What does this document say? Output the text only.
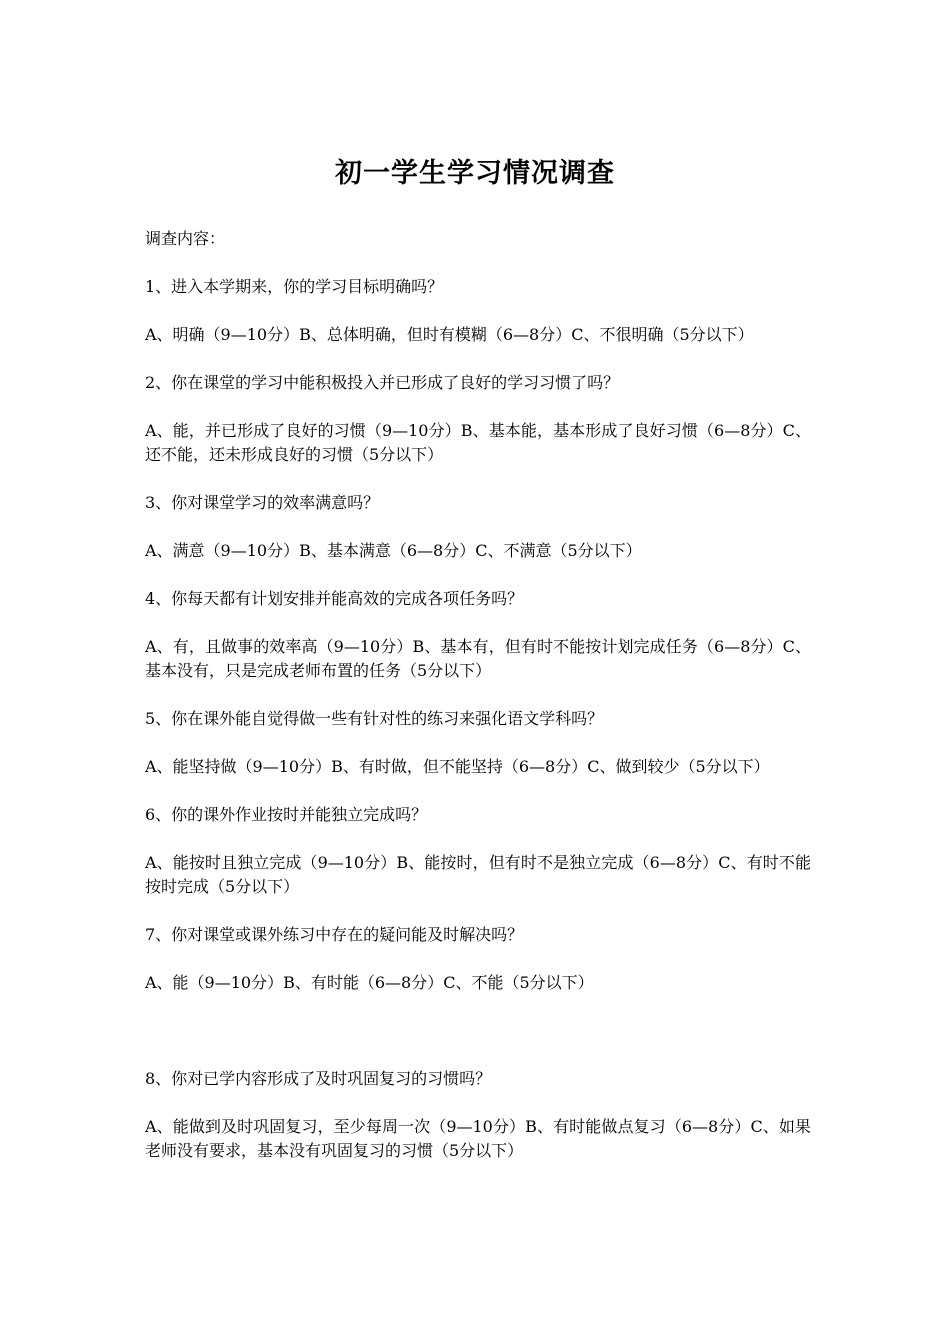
初一学生学习情况调查

调查内容：

1、进入本学期来，你的学习目标明确吗？

A、明确（9—10分）B、总体明确，但时有模糊（6—8分）C、不很明确（5分以下）

2、你在课堂的学习中能积极投入并已形成了良好的学习习惯了吗？

A、能，并已形成了良好的习惯（9—10分）B、基本能，基本形成了良好习惯（6—8分）C、还不能，还未形成良好的习惯（5分以下）

3、你对课堂学习的效率满意吗？

A、满意（9—10分）B、基本满意（6—8分）C、不满意（5分以下）

4、你每天都有计划安排并能高效的完成各项任务吗？

A、有，且做事的效率高（9—10分）B、基本有，但有时不能按计划完成任务（6—8分）C、基本没有，只是完成老师布置的任务（5分以下）

5、你在课外能自觉得做一些有针对性的练习来强化语文学科吗？

A、能坚持做（9—10分）B、有时做，但不能坚持（6—8分）C、做到较少（5分以下）

6、你的课外作业按时并能独立完成吗？

A、能按时且独立完成（9—10分）B、能按时，但有时不是独立完成（6—8分）C、有时不能按时完成（5分以下）

7、你对课堂或课外练习中存在的疑问能及时解决吗？

A、能（9—10分）B、有时能（6—8分）C、不能（5分以下）

8、你对已学内容形成了及时巩固复习的习惯吗？

A、能做到及时巩固复习，至少每周一次（9—10分）B、有时能做点复习（6—8分）C、如果老师没有要求，基本没有巩固复习的习惯（5分以下）
